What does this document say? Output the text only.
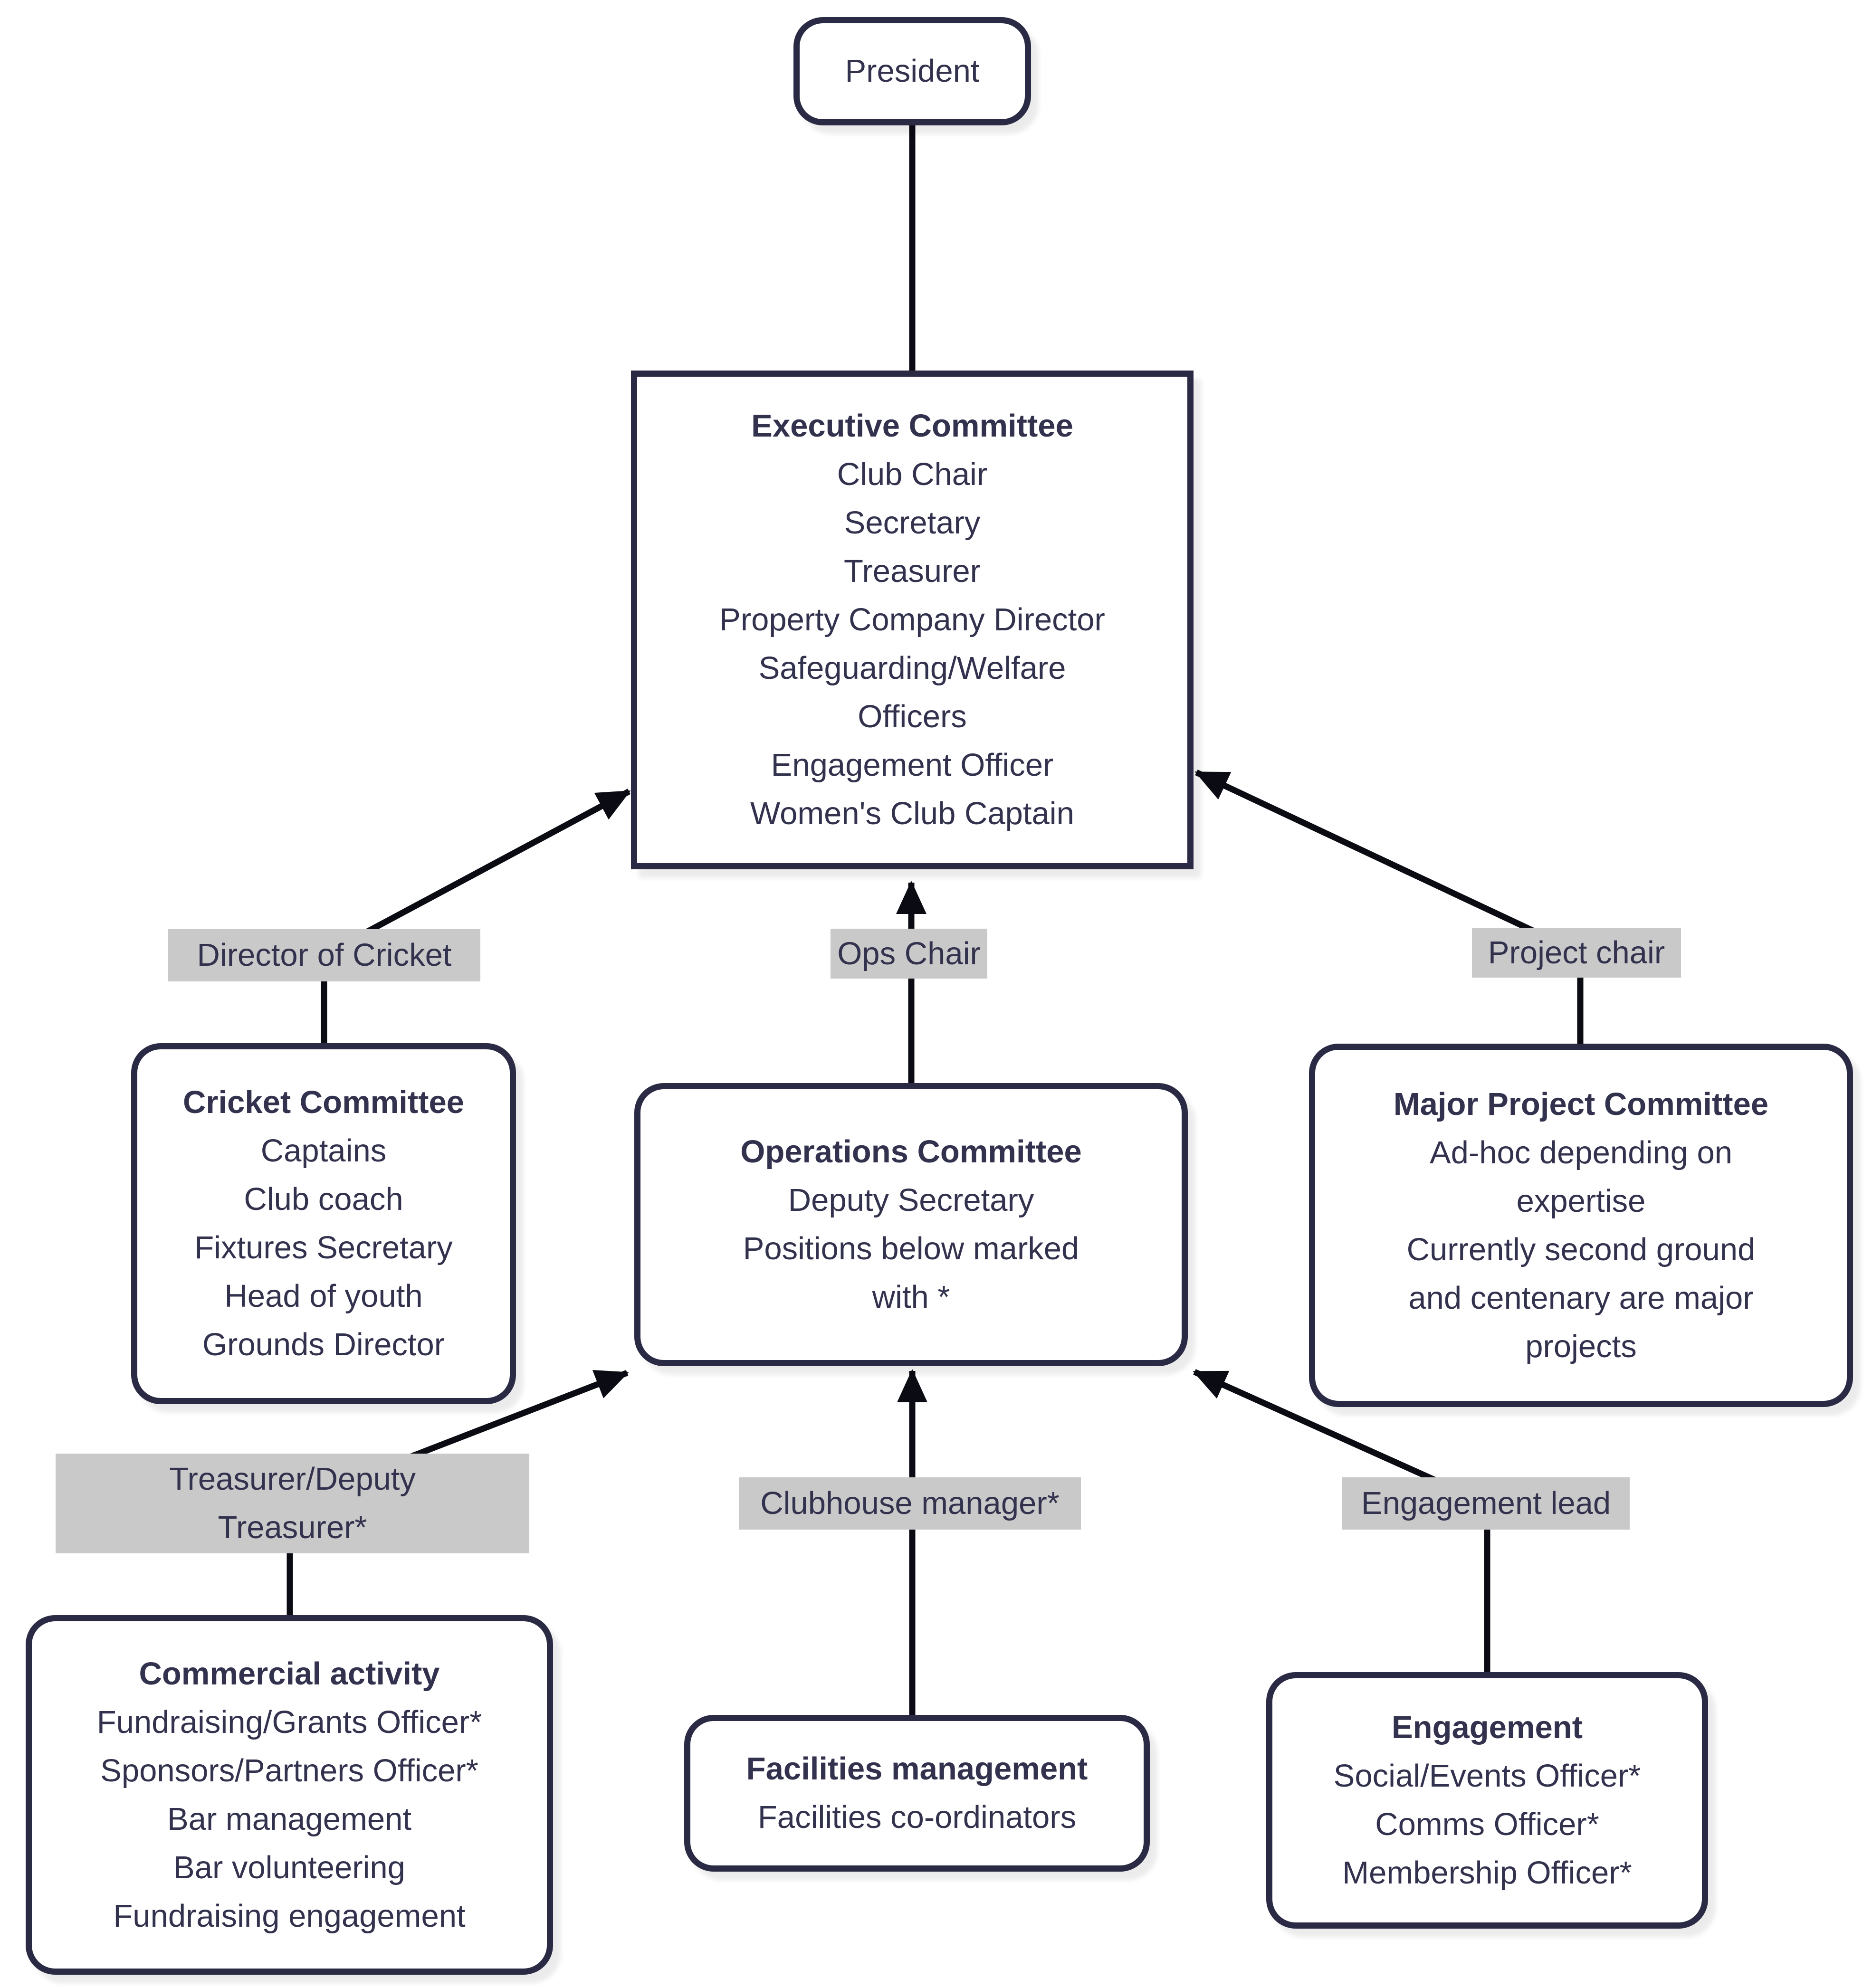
President
Executive Committee
Club Chair
Secretary
Treasurer
Property Company Director
Safeguarding/Welfare
Officers
Engagement Officer
Women's Club Captain
Cricket Committee
Captains
Club coach
Fixtures Secretary
Head of youth
Grounds Director
Operations Committee
Deputy Secretary
Positions below marked
with *
Major Project Committee
Ad-hoc depending on
expertise
Currently second ground
and centenary are major
projects
Commercial activity
Fundraising/Grants Officer*
Sponsors/Partners Officer*
Bar management
Bar volunteering
Fundraising engagement
Facilities management
Facilities co-ordinators
Engagement
Social/Events Officer*
Comms Officer*
Membership Officer*
Director of Cricket	Ops Chair	Project chair
Treasurer/Deputy
Treasurer*
Clubhouse manager*	Engagement lead
